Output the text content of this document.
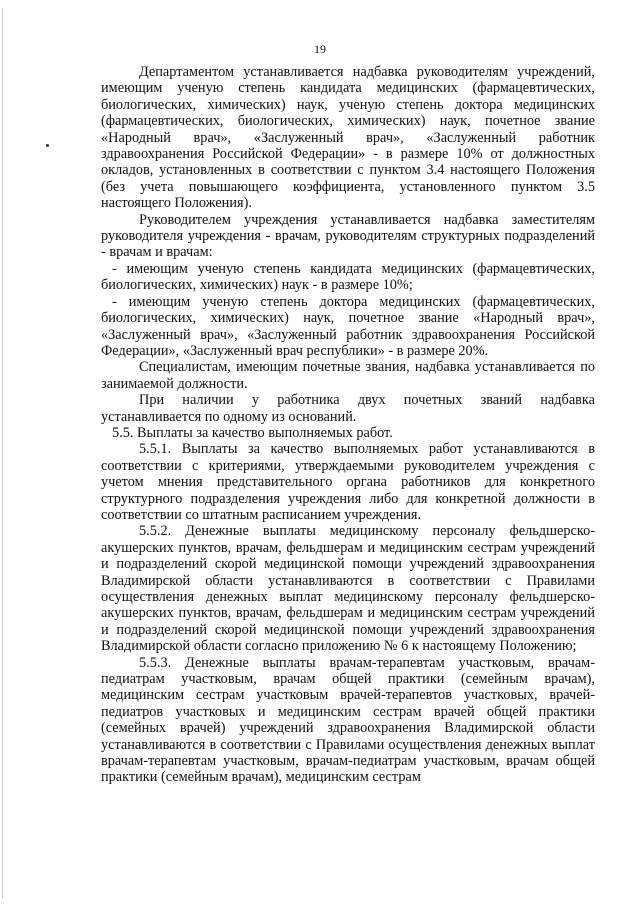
19

Департаментом устанавливается надбавка руководителям учреждений, имеющим ученую степень кандидата медицинских (фармацевтических, биологических, химических) наук, ученую степень доктора медицинских (фармацевтических, биологических, химических) наук, почетное звание «Народный врач», «Заслуженный врач», «Заслуженный работник здравоохранения Российской Федерации» - в размере 10% от должностных окладов, установленных в соответствии с пунктом 3.4 настоящего Положения (без учета повышающего коэффициента, установленного пунктом 3.5 настоящего Положения).

Руководителем учреждения устанавливается надбавка заместителям руководителя учреждения - врачам, руководителям структурных подразделений - врачам и врачам:

- имеющим ученую степень кандидата медицинских (фармацевтических, биологических, химических) наук - в размере 10%;

- имеющим ученую степень доктора медицинских (фармацевтических, биологических, химических) наук, почетное звание «Народный врач», «Заслуженный врач», «Заслуженный работник здравоохранения Российской Федерации», «Заслуженный врач республики» - в размере 20%.

Специалистам, имеющим почетные звания, надбавка устанавливается по занимаемой должности.

При наличии у работника двух почетных званий надбавка устанавливается по одному из оснований.

5.5. Выплаты за качество выполняемых работ.

5.5.1. Выплаты за качество выполняемых работ устанавливаются в соответствии с критериями, утверждаемыми руководителем учреждения с учетом мнения представительного органа работников для конкретного структурного подразделения учреждения либо для конкретной должности в соответствии со штатным расписанием учреждения.

5.5.2. Денежные выплаты медицинскому персоналу фельдшерско-акушерских пунктов, врачам, фельдшерам и медицинским сестрам учреждений и подразделений скорой медицинской помощи учреждений здравоохранения Владимирской области устанавливаются в соответствии с Правилами осуществления денежных выплат медицинскому персоналу фельдшерско-акушерских пунктов, врачам, фельдшерам и медицинским сестрам учреждений и подразделений скорой медицинской помощи учреждений здравоохранения Владимирской области согласно приложению № 6 к настоящему Положению;

5.5.3. Денежные выплаты врачам-терапевтам участковым, врачам-педиатрам участковым, врачам общей практики (семейным врачам), медицинским сестрам участковым врачей-терапевтов участковых, врачей-педиатров участковых и медицинским сестрам врачей общей практики (семейных врачей) учреждений здравоохранения Владимирской области устанавливаются в соответствии с Правилами осуществления денежных выплат врачам-терапевтам участковым, врачам-педиатрам участковым, врачам общей практики (семейным врачам), медицинским сестрам
